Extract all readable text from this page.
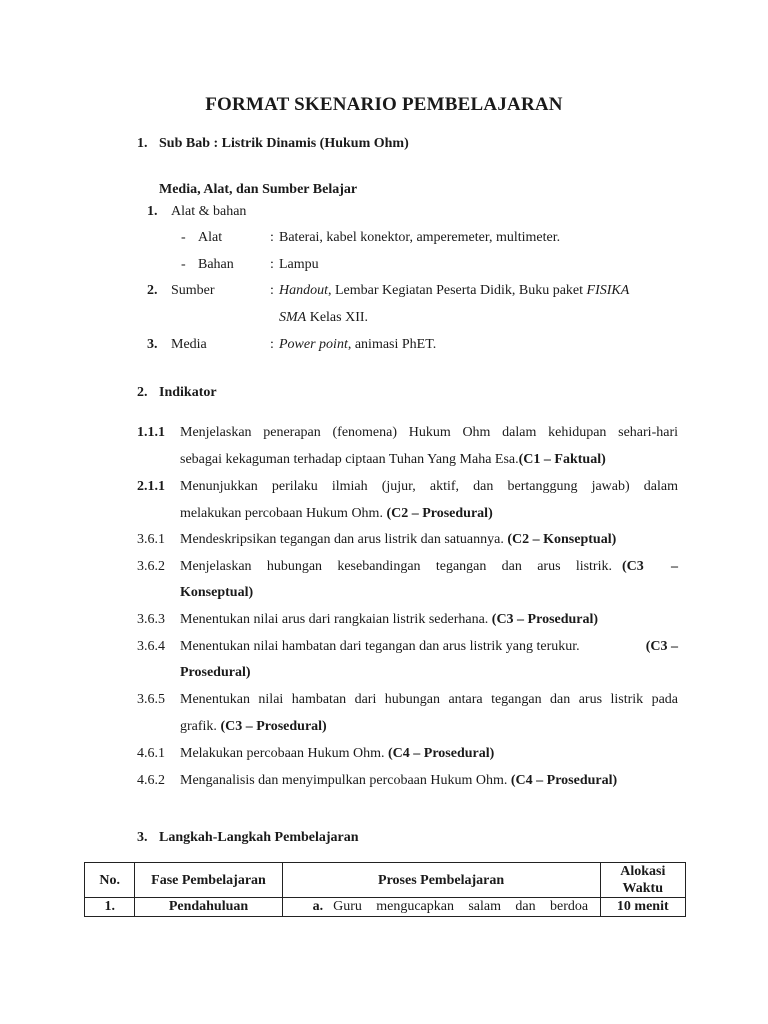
FORMAT SKENARIO PEMBELAJARAN
1. Sub Bab : Listrik Dinamis (Hukum Ohm)
Media, Alat, dan Sumber Belajar
1. Alat & bahan
- Alat	: Baterai, kabel konektor, amperemeter, multimeter.
- Bahan	: Lampu
2. Sumber	: Handout, Lembar Kegiatan Peserta Didik, Buku paket FISIKA
SMA Kelas XII.
3. Media	: Power point, animasi PhET.
2. Indikator
1.1.1 Menjelaskan penerapan (fenomena) Hukum Ohm dalam kehidupan sehari-hari
sebagai kekaguman terhadap ciptaan Tuhan Yang Maha Esa.(C1 – Faktual)
2.1.1 Menunjukkan perilaku ilmiah (jujur, aktif, dan bertanggung jawab) dalam
melakukan percobaan Hukum Ohm. (C2 – Prosedural)
3.6.1 Mendeskripsikan tegangan dan arus listrik dan satuannya. (C2 – Konseptual)
3.6.2 Menjelaskan hubungan kesebandingan tegangan dan arus listrik. (C3 –
Konseptual)
3.6.3 Menentukan nilai arus dari rangkaian listrik sederhana. (C3 – Prosedural)
3.6.4 Menentukan nilai hambatan dari tegangan dan arus listrik yang terukur.	(C3 –
Prosedural)
3.6.5 Menentukan nilai hambatan dari hubungan antara tegangan dan arus listrik pada
grafik. (C3 – Prosedural)
4.6.1 Melakukan percobaan Hukum Ohm. (C4 – Prosedural)
4.6.2 Menganalisis dan menyimpulkan percobaan Hukum Ohm. (C4 – Prosedural)
3. Langkah-Langkah Pembelajaran
No.	Fase Pembelajaran	Proses Pembelajaran	Alokasi Waktu
1.	Pendahuluan	a. Guru mengucapkan salam dan berdoa	10 menit
